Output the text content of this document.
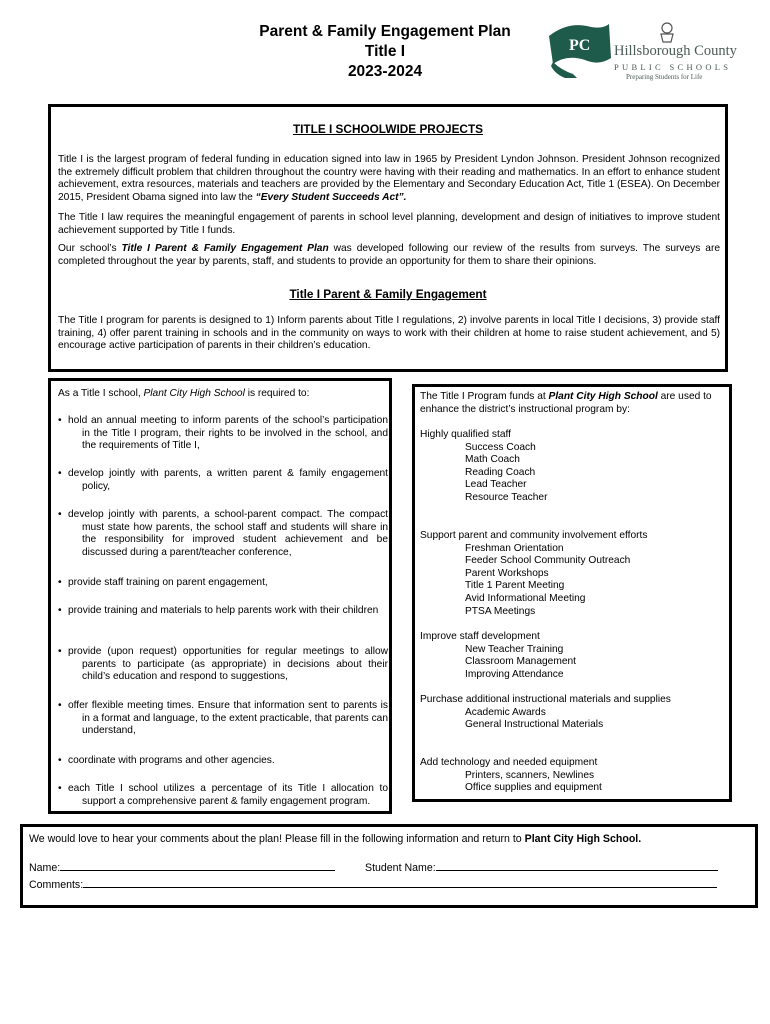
Parent & Family Engagement Plan
Title I
2023-2024
PC Hillsborough County
PUBLIC SCHOOLS
Preparing Students for Life
TITLE I SCHOOLWIDE PROJECTS
Title I is the largest program of federal funding in education signed into law in 1965 by President Lyndon Johnson. President Johnson recognized the extremely difficult problem that children throughout the country were having with their reading and mathematics. In an effort to enhance student achievement, extra resources, materials and teachers are provided by the Elementary and Secondary Education Act, Title 1 (ESEA). On December 2015, President Obama signed into law the “Every Student Succeeds Act”.
The Title I law requires the meaningful engagement of parents in school level planning, development and design of initiatives to improve student achievement supported by Title I funds.
Our school’s Title I Parent & Family Engagement Plan was developed following our review of the results from surveys. The surveys are completed throughout the year by parents, staff, and students to provide an opportunity for them to share their opinions.
Title I Parent & Family Engagement
The Title I program for parents is designed to 1) Inform parents about Title I regulations, 2) involve parents in local Title I decisions, 3) provide staff training, 4) offer parent training in schools and in the community on ways to work with their children at home to raise student achievement, and 5) encourage active participation of parents in their children’s education.
As a Title I school, Plant City High School is required to:
• hold an annual meeting to inform parents of the school’s participation in the Title I program, their rights to be involved in the school, and the requirements of Title I,
• develop jointly with parents, a written parent & family engagement policy,
• develop jointly with parents, a school-parent compact. The compact must state how parents, the school staff and students will share in the responsibility for improved student achievement and be discussed during a parent/teacher conference,
• provide staff training on parent engagement,
• provide training and materials to help parents work with their children
• provide (upon request) opportunities for regular meetings to allow parents to participate (as appropriate) in decisions about their child’s education and respond to suggestions,
• offer flexible meeting times. Ensure that information sent to parents is in a format and language, to the extent practicable, that parents can understand,
• coordinate with programs and other agencies.
• each Title I school utilizes a percentage of its Title I allocation to support a comprehensive parent & family engagement program.
The Title I Program funds at Plant City High School are used to enhance the district’s instructional program by:
Highly qualified staff
Success Coach
Math Coach
Reading Coach
Lead Teacher
Resource Teacher
Support parent and community involvement efforts
Freshman Orientation
Feeder School Community Outreach
Parent Workshops
Title 1 Parent Meeting
Avid Informational Meeting
PTSA Meetings
Improve staff development
New Teacher Training
Classroom Management
Improving Attendance
Purchase additional instructional materials and supplies
Academic Awards
General Instructional Materials
Add technology and needed equipment
Printers, scanners, Newlines
Office supplies and equipment
We would love to hear your comments about the plan! Please fill in the following information and return to Plant City High School.
Name:	Student Name:
Comments:
